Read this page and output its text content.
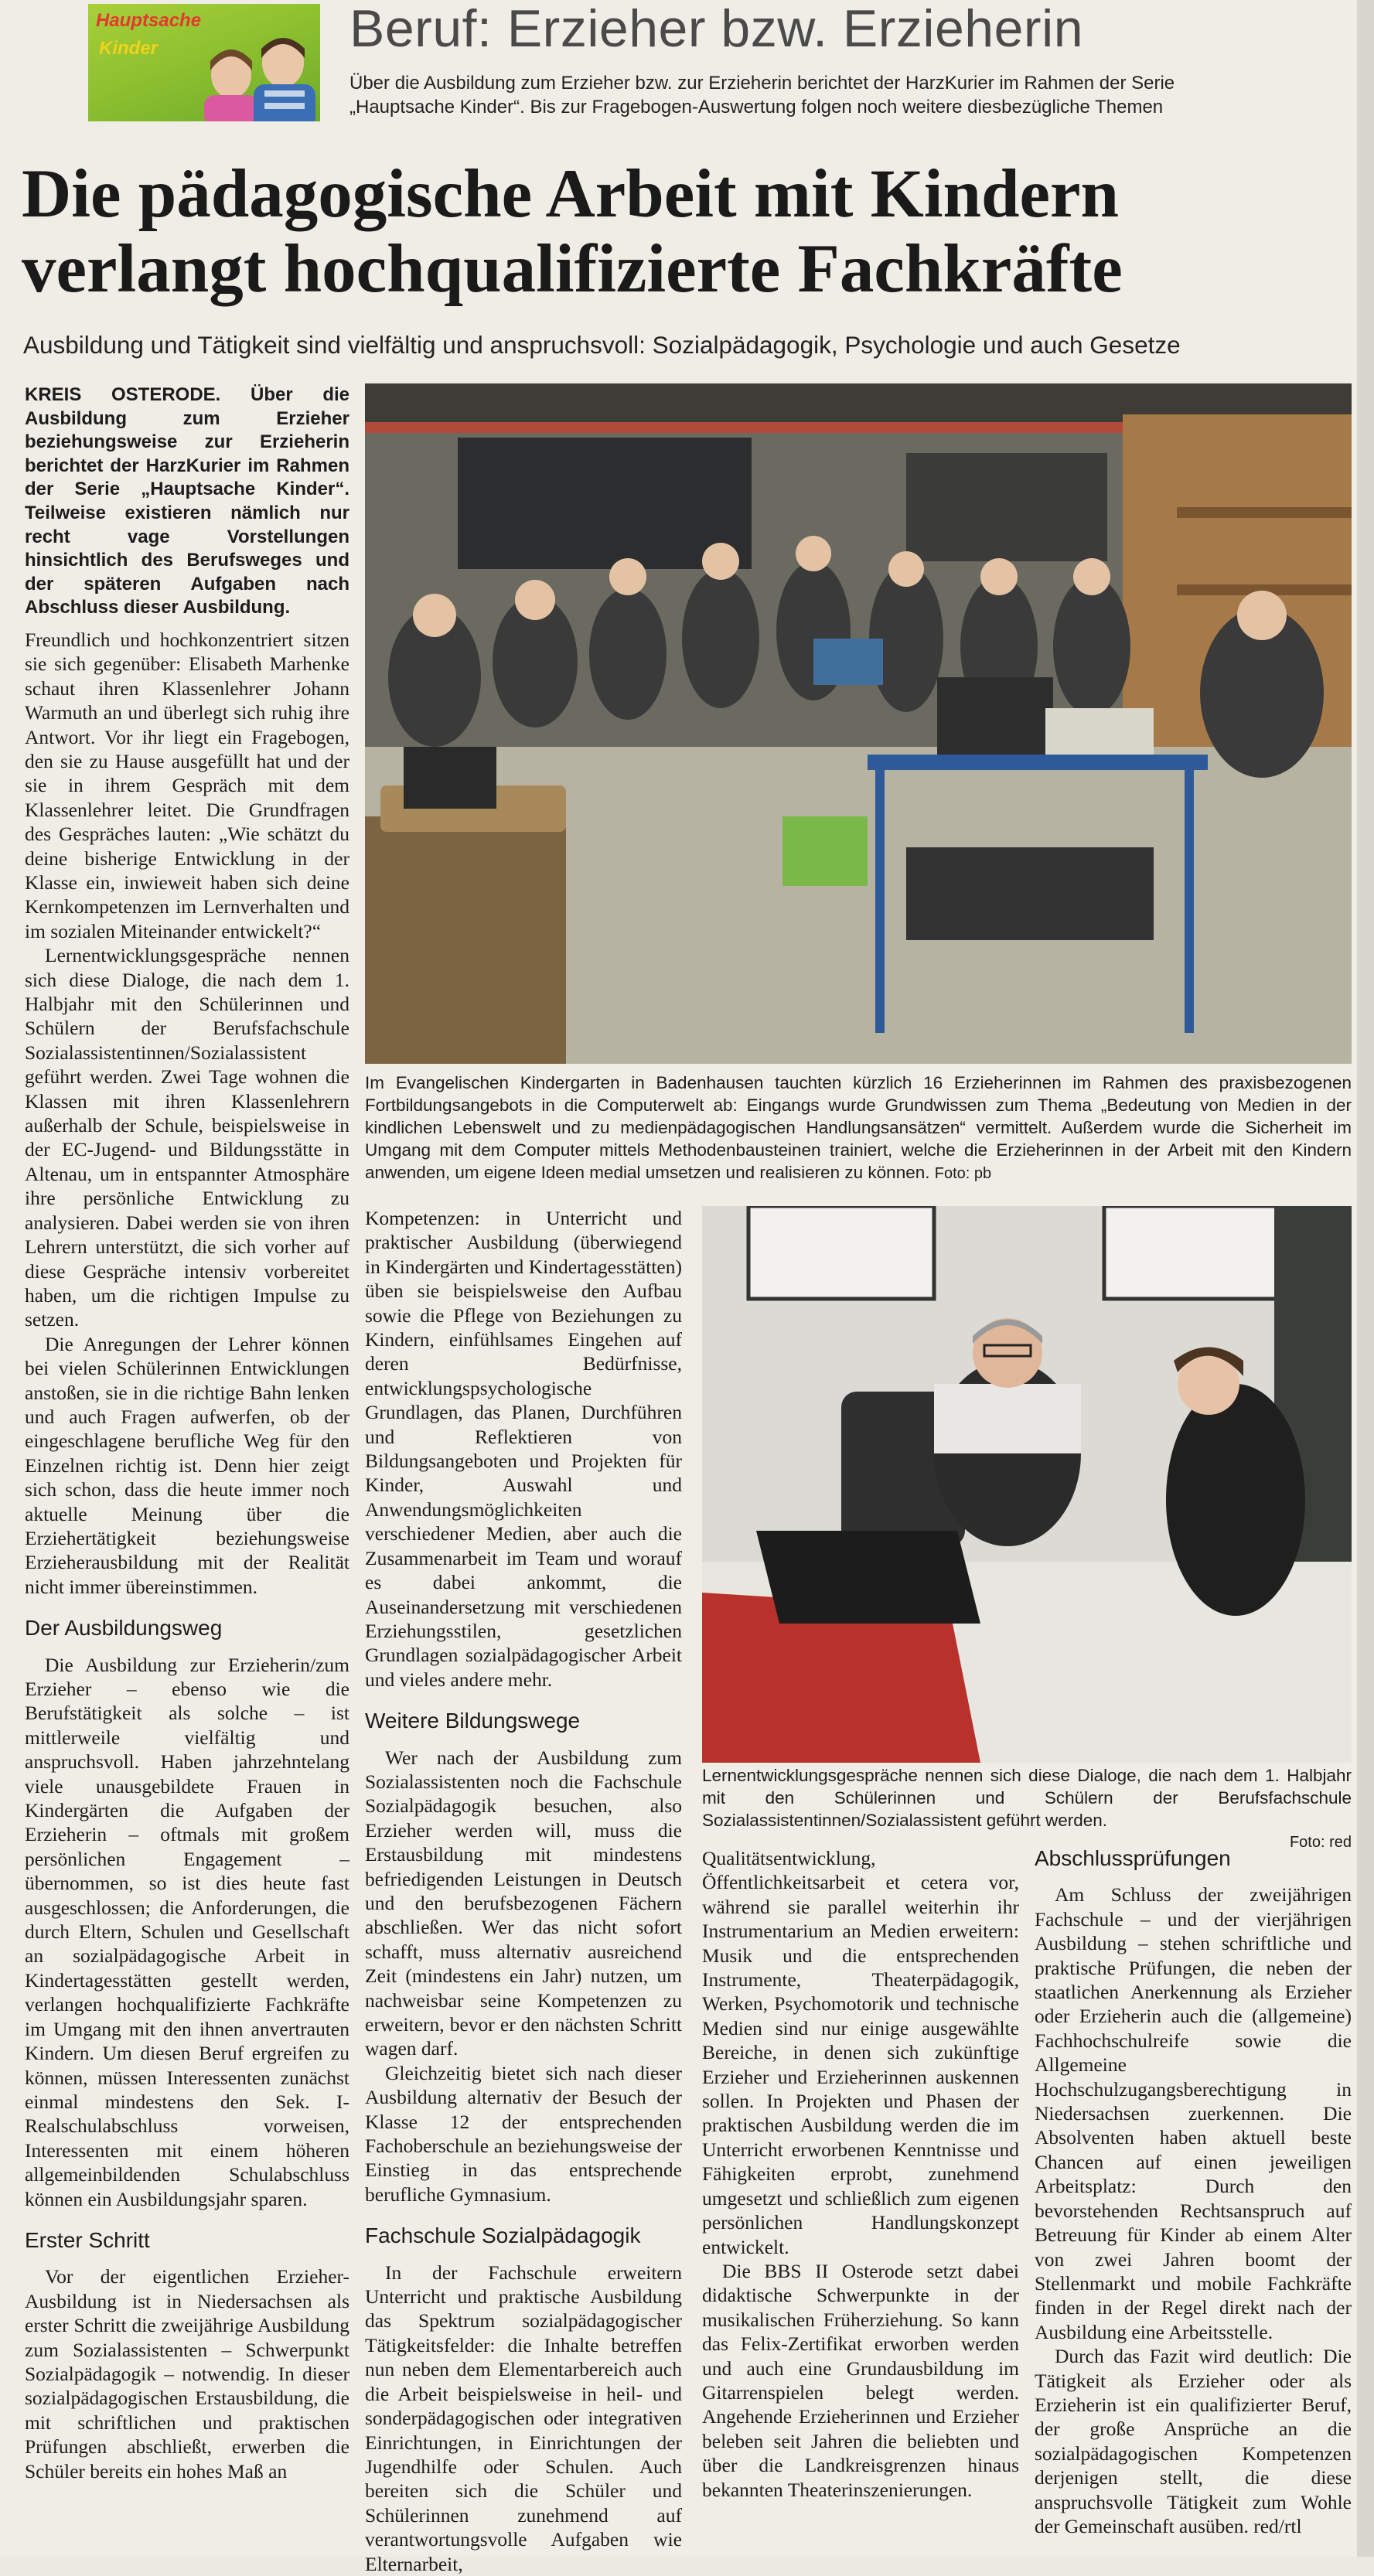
Hauptsache
Kinder	Beruf: Erzieher bzw. Erzieherin
Über die Ausbildung zum Erzieher bzw. zur Erzieherin berichtet der HarzKurier im Rahmen der Serie „Hauptsache Kinder“. Bis zur Fragebogen-Auswertung folgen noch weitere diesbezügliche Themen
Die pädagogische Arbeit mit Kindern
verlangt hochqualifizierte Fachkräfte
Ausbildung und Tätigkeit sind vielfältig und anspruchsvoll: Sozialpädagogik, Psychologie und auch Gesetze

KREIS OSTERODE. Über die Ausbildung zum Erzieher beziehungsweise zur Erzieherin berichtet der HarzKurier im Rahmen der Serie „Hauptsache Kinder“. Teilweise existieren nämlich nur recht vage Vorstellungen hinsichtlich des Berufsweges und der späteren Aufgaben nach Abschluss dieser Ausbildung.

Freundlich und hochkonzentriert sitzen sie sich gegenüber: Elisabeth Marhenke schaut ihren Klassenlehrer Johann Warmuth an und überlegt sich ruhig ihre Antwort. Vor ihr liegt ein Fragebogen, den sie zu Hause ausgefüllt hat und der sie in ihrem Gespräch mit dem Klassenlehrer leitet. Die Grundfragen des Gespräches lauten: „Wie schätzt du deine bisherige Entwicklung in der Klasse ein, inwieweit haben sich deine Kernkompetenzen im Lernverhalten und im sozialen Miteinander entwickelt?“

Lernentwicklungsgespräche nennen sich diese Dialoge, die nach dem 1. Halbjahr mit den Schülerinnen und Schülern der Berufsfachschule Sozialassistentinnen/Sozialassistent geführt werden. Zwei Tage wohnen die Klassen mit ihren Klassenlehrern außerhalb der Schule, beispielsweise in der EC-Jugend- und Bildungsstätte in Altenau, um in entspannter Atmosphäre ihre persönliche Entwicklung zu analysieren. Dabei werden sie von ihren Lehrern unterstützt, die sich vorher auf diese Gespräche intensiv vorbereitet haben, um die richtigen Impulse zu setzen.

Die Anregungen der Lehrer können bei vielen Schülerinnen Entwicklungen anstoßen, sie in die richtige Bahn lenken und auch Fragen aufwerfen, ob der eingeschlagene berufliche Weg für den Einzelnen richtig ist. Denn hier zeigt sich schon, dass die heute immer noch aktuelle Meinung über die Erziehertätigkeit beziehungsweise Erzieherausbildung mit der Realität nicht immer übereinstimmen.

Der Ausbildungsweg

Die Ausbildung zur Erzieherin/zum Erzieher – ebenso wie die Berufstätigkeit als solche – ist mittlerweile vielfältig und anspruchsvoll. Haben jahrzehntelang viele unausgebildete Frauen in Kindergärten die Aufgaben der Erzieherin – oftmals mit großem persönlichen Engagement – übernommen, so ist dies heute fast ausgeschlossen; die Anforderungen, die durch Eltern, Schulen und Gesellschaft an sozialpädagogische Arbeit in Kindertagesstätten gestellt werden, verlangen hochqualifizierte Fachkräfte im Umgang mit den ihnen anvertrauten Kindern. Um diesen Beruf ergreifen zu können, müssen Interessenten zunächst einmal mindestens den Sek. I-Realschulabschluss vorweisen, Interessenten mit einem höheren allgemeinbildenden Schulabschluss können ein Ausbildungsjahr sparen.

Erster Schritt

Vor der eigentlichen Erzieher-Ausbildung ist in Niedersachsen als erster Schritt die zweijährige Ausbildung zum Sozialassistenten – Schwerpunkt Sozialpädagogik – notwendig. In dieser sozialpädagogischen Erstausbildung, die mit schriftlichen und praktischen Prüfungen abschließt, erwerben die Schüler bereits ein hohes Maß an

Im Evangelischen Kindergarten in Badenhausen tauchten kürzlich 16 Erzieherinnen im Rahmen des praxisbezogenen Fortbildungsangebots in die Computerwelt ab: Eingangs wurde Grundwissen zum Thema „Bedeutung von Medien in der kindlichen Lebenswelt und zu medienpädagogischen Handlungsansätzen“ vermittelt. Außerdem wurde die Sicherheit im Umgang mit dem Computer mittels Methodenbausteinen trainiert, welche die Erzieherinnen in der Arbeit mit den Kindern anwenden, um eigene Ideen medial umsetzen und realisieren zu können. Foto: pb

Kompetenzen: in Unterricht und praktischer Ausbildung (überwiegend in Kindergärten und Kindertagesstätten) üben sie beispielsweise den Aufbau sowie die Pflege von Beziehungen zu Kindern, einfühlsames Eingehen auf deren Bedürfnisse, entwicklungspsychologische Grundlagen, das Planen, Durchführen und Reflektieren von Bildungsangeboten und Projekten für Kinder, Auswahl und Anwendungsmöglichkeiten verschiedener Medien, aber auch die Zusammenarbeit im Team und worauf es dabei ankommt, die Auseinandersetzung mit verschiedenen Erziehungsstilen, gesetzlichen Grundlagen sozialpädagogischer Arbeit und vieles andere mehr.

Weitere Bildungswege

Wer nach der Ausbildung zum Sozialassistenten noch die Fachschule Sozialpädagogik besuchen, also Erzieher werden will, muss die Erstausbildung mit mindestens befriedigenden Leistungen in Deutsch und den berufsbezogenen Fächern abschließen. Wer das nicht sofort schafft, muss alternativ ausreichend Zeit (mindestens ein Jahr) nutzen, um nachweisbar seine Kompetenzen zu erweitern, bevor er den nächsten Schritt wagen darf.

Gleichzeitig bietet sich nach dieser Ausbildung alternativ der Besuch der Klasse 12 der entsprechenden Fachoberschule an beziehungsweise der Einstieg in das entsprechende berufliche Gymnasium.

Fachschule Sozialpädagogik

In der Fachschule erweitern Unterricht und praktische Ausbildung das Spektrum sozialpädagogischer Tätigkeitsfelder: die Inhalte betreffen nun neben dem Elementarbereich auch die Arbeit beispielsweise in heil- und sonderpädagogischen oder integrativen Einrichtungen, in Einrichtungen der Jugendhilfe oder Schulen. Auch bereiten sich die Schüler und Schülerinnen zunehmend auf verantwortungsvolle Aufgaben wie Elternarbeit,

Lernentwicklungsgespräche nennen sich diese Dialoge, die nach dem 1. Halbjahr mit den Schülerinnen und Schülern der Berufsfachschule Sozialassistentinnen/Sozialassistent geführt werden.
Foto: red

Qualitätsentwicklung, Öffentlichkeitsarbeit et cetera vor, während sie parallel weiterhin ihr Instrumentarium an Medien erweitern: Musik und die entsprechenden Instrumente, Theaterpädagogik, Werken, Psychomotorik und technische Medien sind nur einige ausgewählte Bereiche, in denen sich zukünftige Erzieher und Erzieherinnen auskennen sollen. In Projekten und Phasen der praktischen Ausbildung werden die im Unterricht erworbenen Kenntnisse und Fähigkeiten erprobt, zunehmend umgesetzt und schließlich zum eigenen persönlichen Handlungskonzept entwickelt.

Die BBS II Osterode setzt dabei didaktische Schwerpunkte in der musikalischen Früherziehung. So kann das Felix-Zertifikat erworben werden und auch eine Grundausbildung im Gitarrenspielen belegt werden. Angehende Erzieherinnen und Erzieher beleben seit Jahren die beliebten und über die Landkreisgrenzen hinaus bekannten Theaterinszenierungen.

Abschlussprüfungen

Am Schluss der zweijährigen Fachschule – und der vierjährigen Ausbildung – stehen schriftliche und praktische Prüfungen, die neben der staatlichen Anerkennung als Erzieher oder Erzieherin auch die (allgemeine) Fachhochschulreife sowie die Allgemeine Hochschulzugangsberechtigung in Niedersachsen zuerkennen. Die Absolventen haben aktuell beste Chancen auf einen jeweiligen Arbeitsplatz: Durch den bevorstehenden Rechtsanspruch auf Betreuung für Kinder ab einem Alter von zwei Jahren boomt der Stellenmarkt und mobile Fachkräfte finden in der Regel direkt nach der Ausbildung eine Arbeitsstelle.

Durch das Fazit wird deutlich: Die Tätigkeit als Erzieher oder als Erzieherin ist ein qualifizierter Beruf, der große Ansprüche an die sozialpädagogischen Kompetenzen derjenigen stellt, die diese anspruchsvolle Tätigkeit zum Wohle der Gemeinschaft ausüben. red/rtl
